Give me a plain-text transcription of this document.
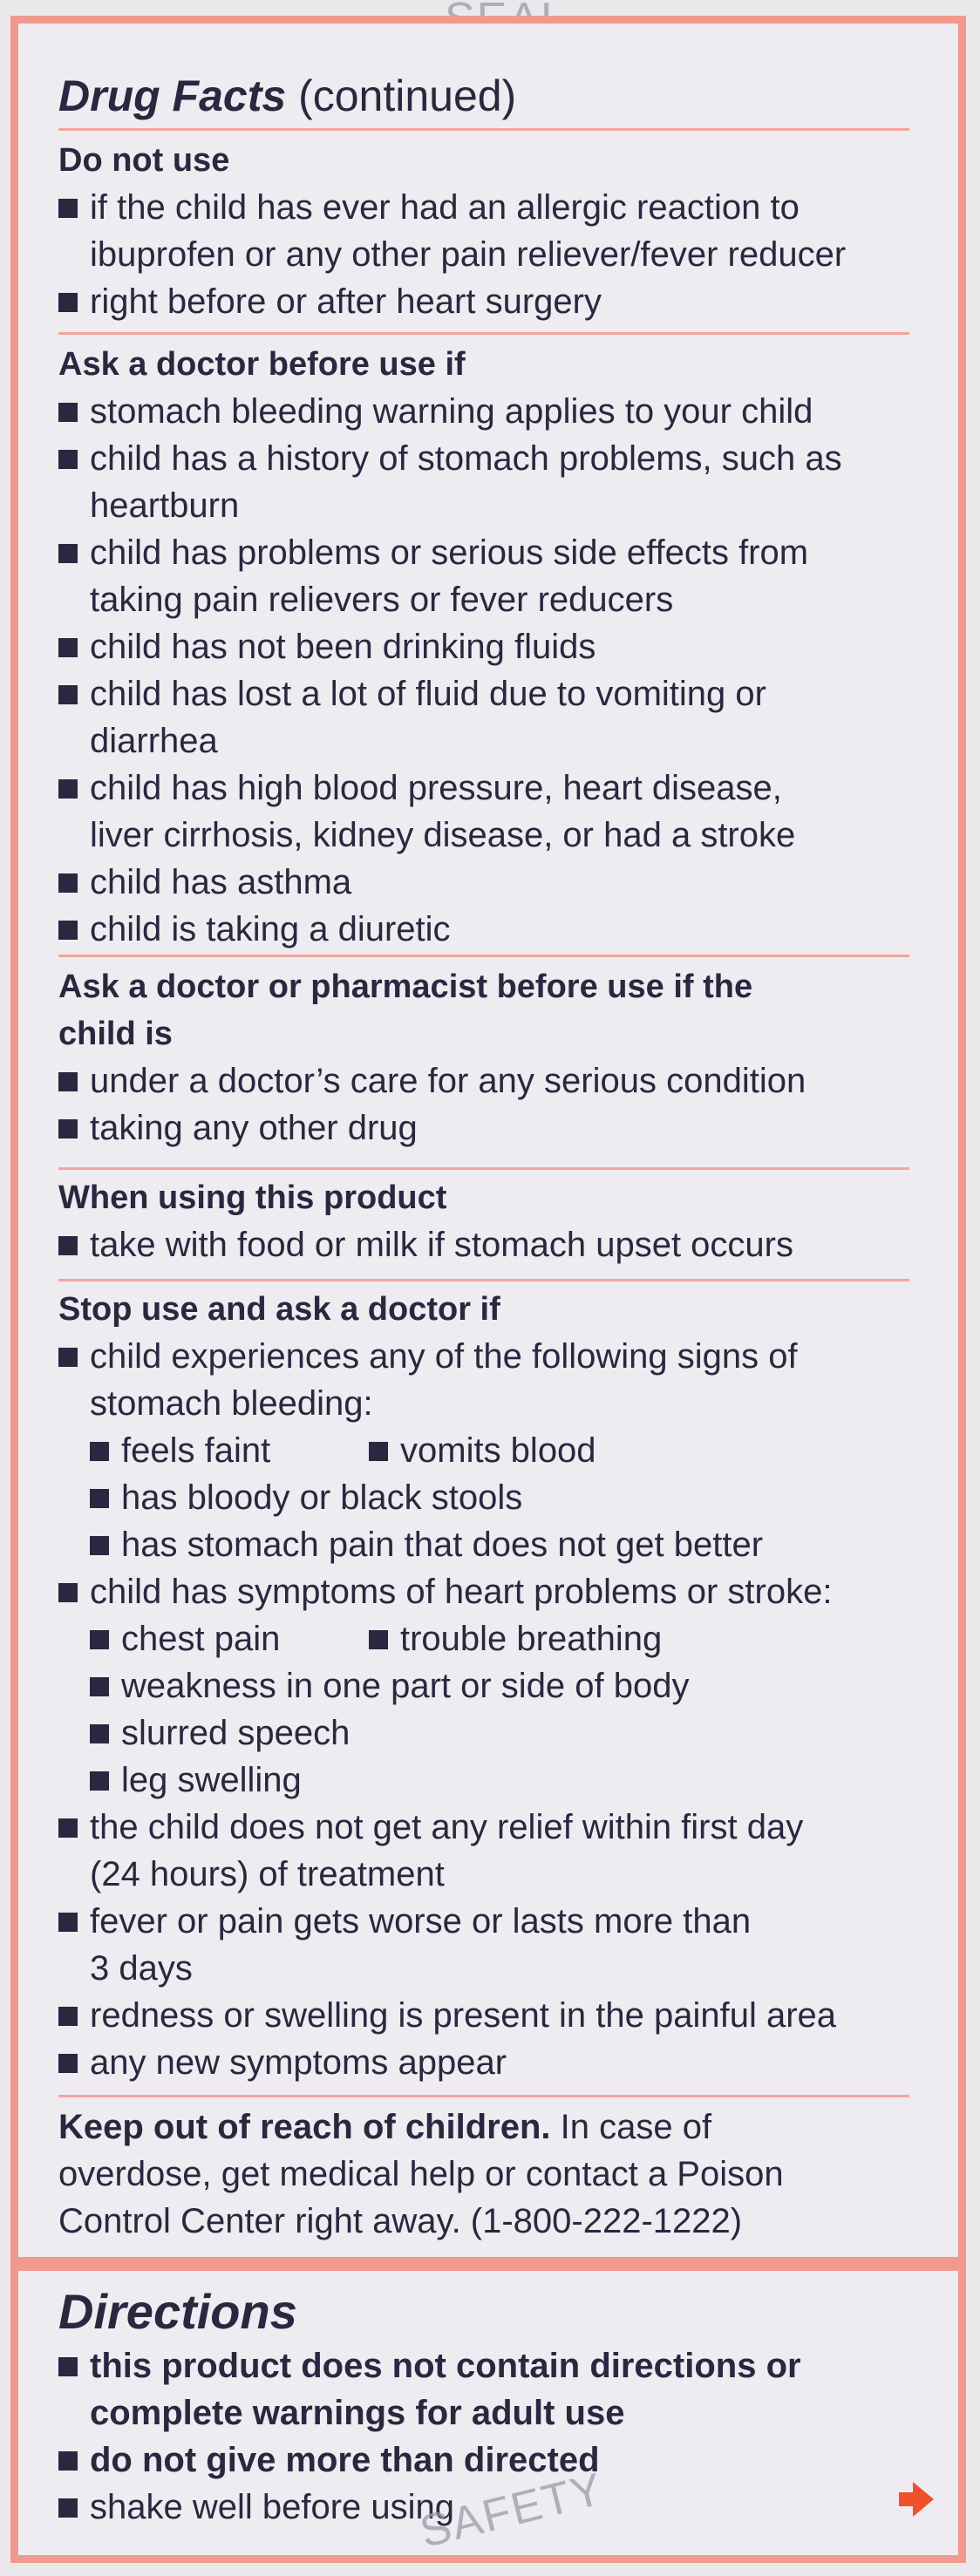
Drug Facts (continued)
Do not use
if the child has ever had an allergic reaction to
ibuprofen or any other pain reliever/fever reducer
right before or after heart surgery
Ask a doctor before use if
stomach bleeding warning applies to your child
child has a history of stomach problems, such as
heartburn
child has problems or serious side effects from
taking pain relievers or fever reducers
child has not been drinking fluids
child has lost a lot of fluid due to vomiting or
diarrhea
child has high blood pressure, heart disease,
liver cirrhosis, kidney disease, or had a stroke
child has asthma
child is taking a diuretic
Ask a doctor or pharmacist before use if the
child is
under a doctor’s care for any serious condition
taking any other drug
When using this product
take with food or milk if stomach upset occurs
Stop use and ask a doctor if
child experiences any of the following signs of
stomach bleeding:
feels faint	vomits blood
has bloody or black stools
has stomach pain that does not get better
child has symptoms of heart problems or stroke:
chest pain	trouble breathing
weakness in one part or side of body
slurred speech
leg swelling
the child does not get any relief within first day
(24 hours) of treatment
fever or pain gets worse or lasts more than
3 days
redness or swelling is present in the painful area
any new symptoms appear
Keep out of reach of children. In case of
overdose, get medical help or contact a Poison
Control Center right away. (1-800-222-1222)
Directions
this product does not contain directions or
complete warnings for adult use
do not give more than directed
shake well before using
SAFETY
